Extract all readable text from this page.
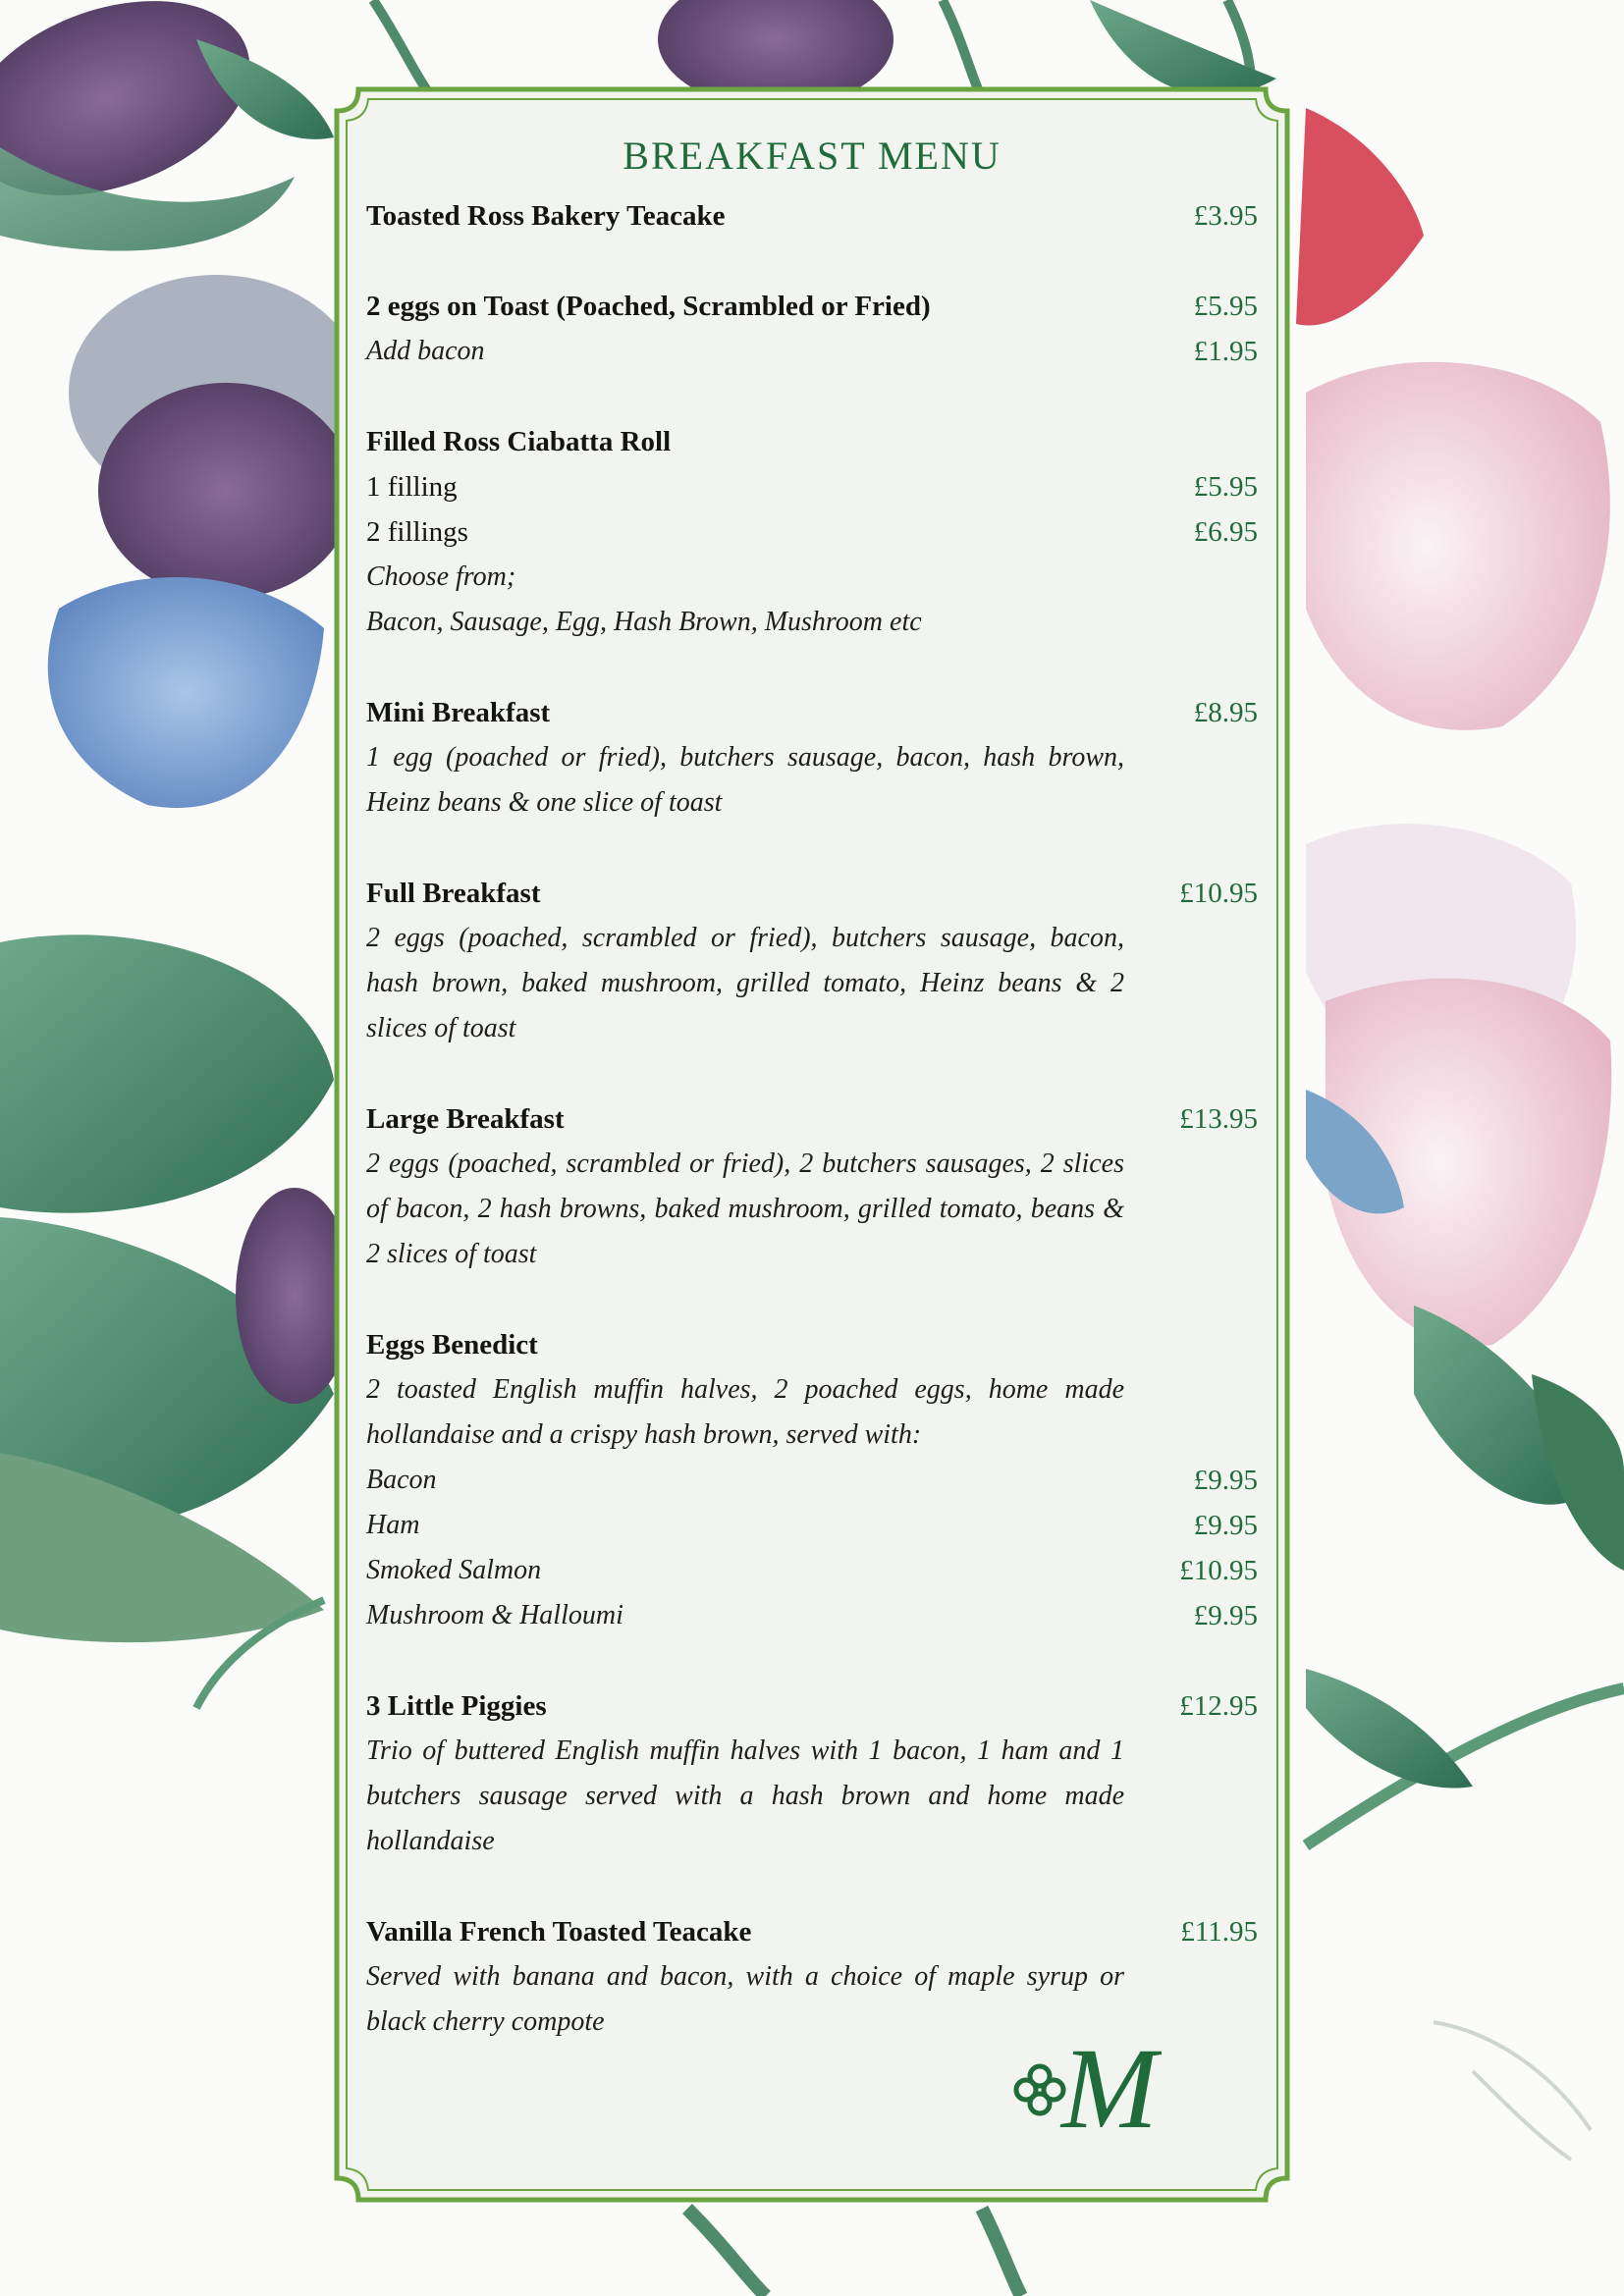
BREAKFAST MENU
Toasted Ross Bakery Teacake	£3.95
2 eggs on Toast (Poached, Scrambled or Fried)	£5.95
Add bacon	£1.95
Filled Ross Ciabatta Roll
1 filling	£5.95
2 fillings	£6.95
Choose from;
Bacon, Sausage, Egg, Hash Brown, Mushroom etc
Mini Breakfast	£8.95
1 egg (poached or fried), butchers sausage, bacon, hash brown, Heinz beans & one slice of toast
Full Breakfast	£10.95
2 eggs (poached, scrambled or fried), butchers sausage, bacon, hash brown, baked mushroom, grilled tomato, Heinz beans & 2 slices of toast
Large Breakfast	£13.95
2 eggs (poached, scrambled or fried), 2 butchers sausages, 2 slices of bacon, 2 hash browns, baked mushroom, grilled tomato, beans & 2 slices of toast
Eggs Benedict
2 toasted English muffin halves, 2 poached eggs, home made hollandaise and a crispy hash brown, served with:
Bacon	£9.95
Ham	£9.95
Smoked Salmon	£10.95
Mushroom & Halloumi	£9.95
3 Little Piggies	£12.95
Trio of buttered English muffin halves with 1 bacon, 1 ham and 1 butchers sausage served with a hash brown and home made hollandaise
Vanilla French Toasted Teacake	£11.95
Served with banana and bacon, with a choice of maple syrup or black cherry compote
M
